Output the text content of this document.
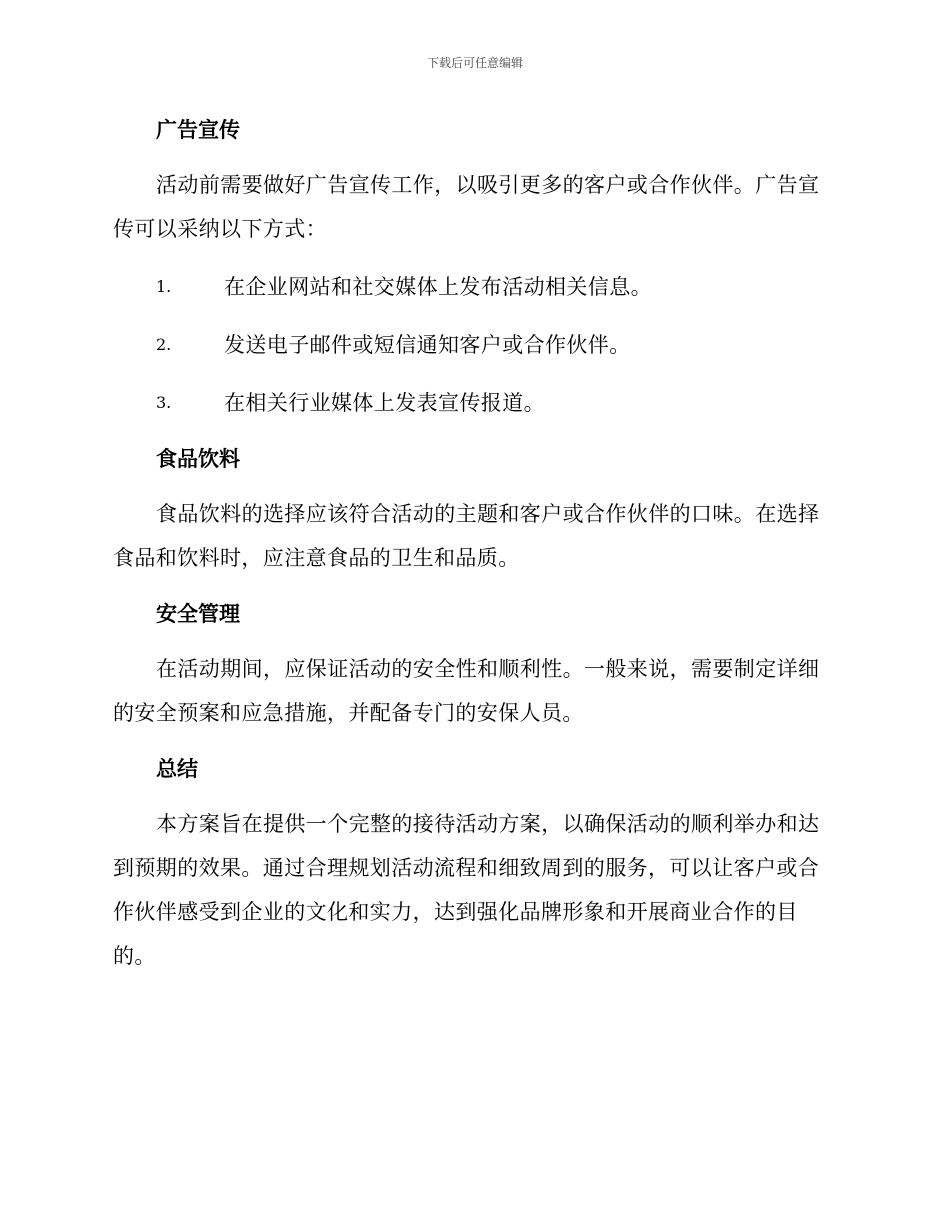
下载后可任意编辑
广告宣传

活动前需要做好广告宣传工作，以吸引更多的客户或合作伙伴。广告宣传可以采纳以下方式：

1.	在企业网站和社交媒体上发布活动相关信息。
2.	发送电子邮件或短信通知客户或合作伙伴。
3.	在相关行业媒体上发表宣传报道。
食品饮料

食品饮料的选择应该符合活动的主题和客户或合作伙伴的口味。在选择食品和饮料时，应注意食品的卫生和品质。

安全管理

在活动期间，应保证活动的安全性和顺利性。一般来说，需要制定详细的安全预案和应急措施，并配备专门的安保人员。

总结

本方案旨在提供一个完整的接待活动方案，以确保活动的顺利举办和达到预期的效果。通过合理规划活动流程和细致周到的服务，可以让客户或合作伙伴感受到企业的文化和实力，达到强化品牌形象和开展商业合作的目的。
